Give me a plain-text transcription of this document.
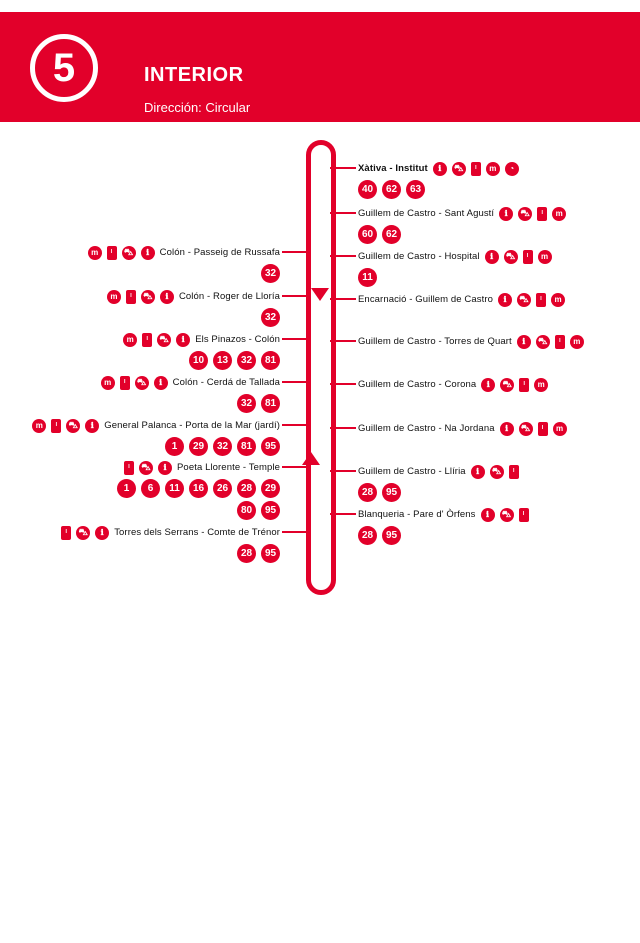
5	INTERIOR
Dirección: Circular
Xàtiva - Institut	ℹ	⛍	ᴵ	m	◔
40	62	63
Guillem de Castro - Sant Agustí	ℹ	⛍	ᴵ	m
60	62
Guillem de Castro - Hospital	ℹ	⛍	ᴵ	m
11
Encarnació - Guillem de Castro	ℹ	⛍	ᴵ	m
Guillem de Castro - Torres de Quart	ℹ	⛍	ᴵ	m
Guillem de Castro - Corona	ℹ	⛍	ᴵ	m
Guillem de Castro - Na Jordana	ℹ	⛍	ᴵ	m
Guillem de Castro - Llíria	ℹ	⛍	ᴵ
28	95
Blanqueria - Pare d' Òrfens	ℹ	⛍	ᴵ
28	95
m	ᴵ	⛍	ℹ	Colón - Passeig de Russafa
32
m	ᴵ	⛍	ℹ	Colón - Roger de Lloría
32
m	ᴵ	⛍	ℹ	Els Pinazos - Colón
10	13	32	81
m	ᴵ	⛍	ℹ	Colón - Cerdá de Tallada
32	81
m	ᴵ	⛍	ℹ	General Palanca - Porta de la Mar (jardí)
1	29	32	81	95
ᴵ	⛍	ℹ	Poeta Llorente - Temple
1	6	11	16	26	28	29
80	95
ᴵ	⛍	ℹ	Torres dels Serrans - Comte de Trénor
28	95
